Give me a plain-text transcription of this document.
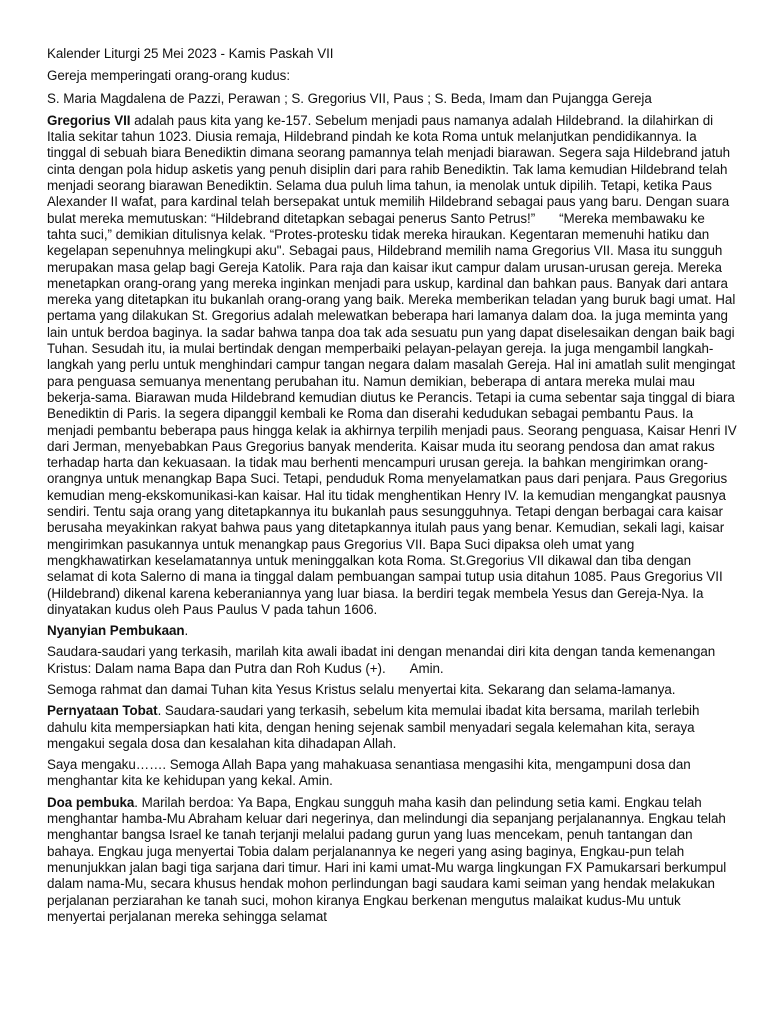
Kalender Liturgi 25 Mei 2023 - Kamis Paskah VII
Gereja memperingati orang-orang kudus:
S. Maria Magdalena de Pazzi, Perawan ; S. Gregorius VII, Paus ; S. Beda, Imam dan Pujangga Gereja
Gregorius VII adalah paus kita yang ke-157. Sebelum menjadi paus namanya adalah Hildebrand. Ia dilahirkan di Italia sekitar tahun 1023. Diusia remaja, Hildebrand pindah ke kota Roma untuk melanjutkan pendidikannya. Ia tinggal di sebuah biara Benediktin dimana seorang pamannya telah menjadi biarawan. Segera saja Hildebrand jatuh cinta dengan pola hidup asketis yang penuh disiplin dari para rahib Benediktin. Tak lama kemudian Hildebrand telah menjadi seorang biarawan Benediktin. Selama dua puluh lima tahun, ia menolak untuk dipilih. Tetapi, ketika Paus Alexander II wafat, para kardinal telah bersepakat untuk memilih Hildebrand sebagai paus yang baru. Dengan suara bulat mereka memutuskan: “Hildebrand ditetapkan sebagai penerus Santo Petrus!” “Mereka membawaku ke tahta suci,” demikian ditulisnya kelak. “Protes-protesku tidak mereka hiraukan. Kegentaran memenuhi hatiku dan kegelapan sepenuhnya melingkupi aku". Sebagai paus, Hildebrand memilih nama Gregorius VII. Masa itu sungguh merupakan masa gelap bagi Gereja Katolik. Para raja dan kaisar ikut campur dalam urusan-urusan gereja. Mereka menetapkan orang-orang yang mereka inginkan menjadi para uskup, kardinal dan bahkan paus. Banyak dari antara mereka yang ditetapkan itu bukanlah orang-orang yang baik. Mereka memberikan teladan yang buruk bagi umat. Hal pertama yang dilakukan St. Gregorius adalah melewatkan beberapa hari lamanya dalam doa. Ia juga meminta yang lain untuk berdoa baginya. Ia sadar bahwa tanpa doa tak ada sesuatu pun yang dapat diselesaikan dengan baik bagi Tuhan. Sesudah itu, ia mulai bertindak dengan memperbaiki pelayan-pelayan gereja. Ia juga mengambil langkah-langkah yang perlu untuk menghindari campur tangan negara dalam masalah Gereja. Hal ini amatlah sulit mengingat para penguasa semuanya menentang perubahan itu. Namun demikian, beberapa di antara mereka mulai mau bekerja-sama. Biarawan muda Hildebrand kemudian diutus ke Perancis. Tetapi ia cuma sebentar saja tinggal di biara Benediktin di Paris. Ia segera dipanggil kembali ke Roma dan diserahi kedudukan sebagai pembantu Paus. Ia menjadi pembantu beberapa paus hingga kelak ia akhirnya terpilih menjadi paus. Seorang penguasa, Kaisar Henri IV dari Jerman, menyebabkan Paus Gregorius banyak menderita. Kaisar muda itu seorang pendosa dan amat rakus terhadap harta dan kekuasaan. Ia tidak mau berhenti mencampuri urusan gereja. Ia bahkan mengirimkan orang-orangnya untuk menangkap Bapa Suci. Tetapi, penduduk Roma menyelamatkan paus dari penjara. Paus Gregorius kemudian meng-ekskomunikasi-kan kaisar. Hal itu tidak menghentikan Henry IV. Ia kemudian mengangkat pausnya sendiri. Tentu saja orang yang ditetapkannya itu bukanlah paus sesungguhnya. Tetapi dengan berbagai cara kaisar berusaha meyakinkan rakyat bahwa paus yang ditetapkannya itulah paus yang benar. Kemudian, sekali lagi, kaisar mengirimkan pasukannya untuk menangkap paus Gregorius VII. Bapa Suci dipaksa oleh umat yang mengkhawatirkan keselamatannya untuk meninggalkan kota Roma. St.Gregorius VII dikawal dan tiba dengan selamat di kota Salerno di mana ia tinggal dalam pembuangan sampai tutup usia ditahun 1085. Paus Gregorius VII (Hildebrand) dikenal karena keberaniannya yang luar biasa. Ia berdiri tegak membela Yesus dan Gereja-Nya. Ia dinyatakan kudus oleh Paus Paulus V pada tahun 1606.
Nyanyian Pembukaan.
Saudara-saudari yang terkasih, marilah kita awali ibadat ini dengan menandai diri kita dengan tanda kemenangan Kristus: Dalam nama Bapa dan Putra dan Roh Kudus (+). Amin.
Semoga rahmat dan damai Tuhan kita Yesus Kristus selalu menyertai kita. Sekarang dan selama-lamanya.
Pernyataan Tobat. Saudara-saudari yang terkasih, sebelum kita memulai ibadat kita bersama, marilah terlebih dahulu kita mempersiapkan hati kita, dengan hening sejenak sambil menyadari segala kelemahan kita, seraya mengakui segala dosa dan kesalahan kita dihadapan Allah.
Saya mengaku……. Semoga Allah Bapa yang mahakuasa senantiasa mengasihi kita, mengampuni dosa dan menghantar kita ke kehidupan yang kekal. Amin.
Doa pembuka. Marilah berdoa: Ya Bapa, Engkau sungguh maha kasih dan pelindung setia kami. Engkau telah menghantar hamba-Mu Abraham keluar dari negerinya, dan melindungi dia sepanjang perjalanannya. Engkau telah menghantar bangsa Israel ke tanah terjanji melalui padang gurun yang luas mencekam, penuh tantangan dan bahaya. Engkau juga menyertai Tobia dalam perjalanannya ke negeri yang asing baginya, Engkau-pun telah menunjukkan jalan bagi tiga sarjana dari timur. Hari ini kami umat-Mu warga lingkungan FX Pamukarsari berkumpul dalam nama-Mu, secara khusus hendak mohon perlindungan bagi saudara kami seiman yang hendak melakukan perjalanan perziarahan ke tanah suci, mohon kiranya Engkau berkenan mengutus malaikat kudus-Mu untuk menyertai perjalanan mereka sehingga selamat
